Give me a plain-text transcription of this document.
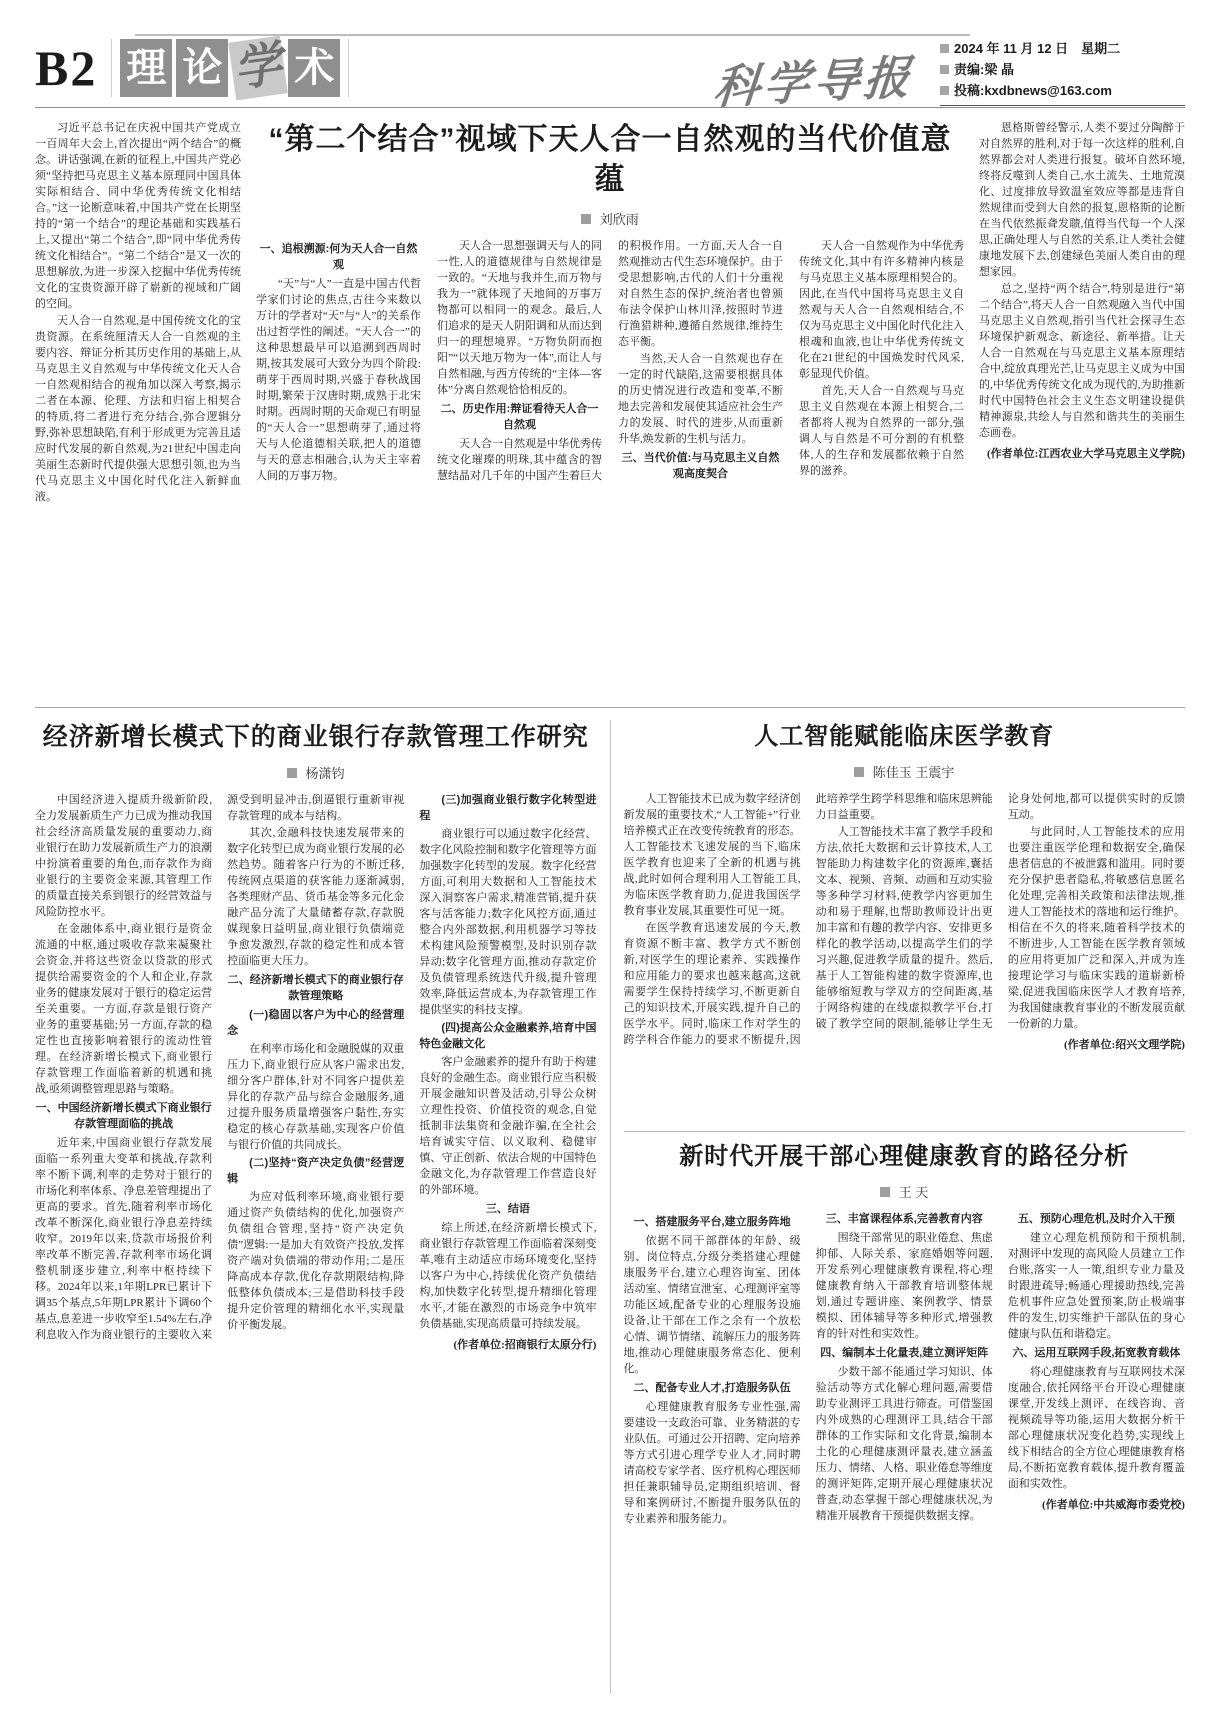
B2 理 论 学 术	科学导报
2024 年 11 月 12 日　星期二
责编:梁 晶
投稿:kxdbnews@163.com
习近平总书记在庆祝中国共产党成立一百周年大会上,首次提出“两个结合”的概念。讲话强调,在新的征程上,中国共产党必须“坚持把马克思主义基本原理同中国具体实际相结合、同中华优秀传统文化相结合。”这一论断意味着,中国共产党在长期坚持的“第一个结合”的理论基础和实践基石上,又提出“第二个结合”,即“同中华优秀传统文化相结合”。“第二个结合”是又一次的思想解放,为进一步深入挖掘中华优秀传统文化的宝贵资源开辟了崭新的视域和广阔的空间。
天人合一自然观,是中国传统文化的宝贵资源。在系统厘清天人合一自然观的主要内容、辩证分析其历史作用的基础上,从马克思主义自然观与中华传统文化天人合一自然观相结合的视角加以深入考察,揭示二者在本源、伦理、方法和归宿上相契合的特质,将二者进行充分结合,弥合逻辑分野,弥补思想缺陷,有利于形成更为完善且适应时代发展的新自然观,为21世纪中国走向美丽生态新时代提供强大思想引领,也为当代马克思主义中国化时代化注入新鲜血液。
“第二个结合”视域下天人合一自然观的当代价值意蕴
刘欣雨
一、追根溯源:何为天人合一自然观
“天”与“人”一直是中国古代哲学家们讨论的焦点,古往今来数以万计的学者对“天”与“人”的关系作出过哲学性的阐述。“天人合一”的这种思想最早可以追溯到西周时期,按其发展可大致分为四个阶段:萌芽于西周时期,兴盛于春秋战国时期,繁荣于汉唐时期,成熟于北宋时期。西周时期的天命观已有明显的“天人合一”思想萌芽了,通过将天与人伦道德相关联,把人的道德与天的意志相融合,认为天主宰着人间的万事万物。
天人合一思想强调天与人的同一性,人的道德规律与自然规律是一致的。“天地与我并生,而万物与我为一”就体现了天地间的万事万物都可以相同一的观念。最后,人们追求的是天人阴阳调和从而达到归一的理想境界。“万物负阴而抱阳”“以天地万物为一体”,而让人与自然相融,与西方传统的“主体—客体”分离自然观恰恰相反的。
二、历史作用:辩证看待天人合一自然观
天人合一自然观是中华优秀传统文化璀璨的明珠,其中蕴含的智慧结晶对几千年的中国产生着巨大的积极作用。一方面,天人合一自然观推动古代生态环境保护。由于受思想影响,古代的人们十分重视对自然生态的保护,统治者也曾颁布法令保护山林川泽,按照时节进行渔猎耕种,遵循自然规律,维持生态平衡。
当然,天人合一自然观也存在一定的时代缺陷,这需要根据具体的历史情况进行改造和变革,不断地去完善和发展使其适应社会生产力的发展、时代的进步,从而重新升华,焕发新的生机与活力。
三、当代价值:与马克思主义自然观高度契合
天人合一自然观作为中华优秀传统文化,其中有许多精神内核是与马克思主义基本原理相契合的。因此,在当代中国将马克思主义自然观与天人合一自然观相结合,不仅为马克思主义中国化时代化注入根魂和血液,也让中华优秀传统文化在21世纪的中国焕发时代风采,彰显现代价值。
首先,天人合一自然观与马克思主义自然观在本源上相契合,二者都将人视为自然界的一部分,强调人与自然是不可分割的有机整体,人的生存和发展都依赖于自然界的滋养。
恩格斯曾经警示,人类不要过分陶醉于对自然界的胜利,对于每一次这样的胜利,自然界都会对人类进行报复。破坏自然环境,终将反噬到人类自己,水土流失、土地荒漠化、过度排放导致温室效应等都是违背自然规律而受到大自然的报复,恩格斯的论断在当代依然振聋发聩,值得当代每一个人深思,正确处理人与自然的关系,让人类社会健康地发展下去,创建绿色美丽人类自由的理想家园。
总之,坚持“两个结合”,特别是进行“第二个结合”,将天人合一自然观融入当代中国马克思主义自然观,指引当代社会探寻生态环境保护新观念、新途径、新举措。让天人合一自然观在与马克思主义基本原理结合中,绽放真理光芒,让马克思主义成为中国的,中华优秀传统文化成为现代的,为助推新时代中国特色社会主义生态文明建设提供精神源泉,共绘人与自然和谐共生的美丽生态画卷。
(作者单位:江西农业大学马克思主义学院)
经济新增长模式下的商业银行存款管理工作研究
杨潇钧
中国经济进入提质升级新阶段,全力发展新质生产力已成为推动我国社会经济高质量发展的重要动力,商业银行在助力发展新质生产力的浪潮中扮演着重要的角色,而存款作为商业银行的主要资金来源,其管理工作的质量直接关系到银行的经营效益与风险防控水平。
在金融体系中,商业银行是资金流通的中枢,通过吸收存款来凝聚社会资金,并将这些资金以贷款的形式提供给需要资金的个人和企业,存款业务的健康发展对于银行的稳定运营至关重要。一方面,存款是银行资产业务的重要基础;另一方面,存款的稳定性也直接影响着银行的流动性管理。在经济新增长模式下,商业银行存款管理工作面临着新的机遇和挑战,亟须调整管理思路与策略。
一、中国经济新增长模式下商业银行存款管理面临的挑战
近年来,中国商业银行存款发展面临一系列重大变革和挑战,存款利率不断下调,利率的走势对于银行的市场化利率体系、净息差管理提出了更高的要求。首先,随着利率市场化改革不断深化,商业银行净息差持续收窄。2019年以来,贷款市场报价利率改革不断完善,存款利率市场化调整机制逐步建立,利率中枢持续下移。2024年以来,1年期LPR已累计下调35个基点,5年期LPR累计下调60个基点,息差进一步收窄至1.54%左右,净利息收入作为商业银行的主要收入来源受到明显冲击,倒逼银行重新审视存款管理的成本与结构。
其次,金融科技快速发展带来的数字化转型已成为商业银行发展的必然趋势。随着客户行为的不断迁移,传统网点渠道的获客能力逐渐减弱,各类理财产品、货币基金等多元化金融产品分流了大量储蓄存款,存款脱媒现象日益明显,商业银行负债端竞争愈发激烈,存款的稳定性和成本管控面临更大压力。
二、经济新增长模式下的商业银行存款管理策略
(一)稳固以客户为中心的经营理念
在利率市场化和金融脱媒的双重压力下,商业银行应从客户需求出发,细分客户群体,针对不同客户提供差异化的存款产品与综合金融服务,通过提升服务质量增强客户黏性,夯实稳定的核心存款基础,实现客户价值与银行价值的共同成长。
(二)坚持“资产决定负债”经营逻辑
为应对低利率环境,商业银行要通过资产负债结构的优化,加强资产负债组合管理,坚持“资产决定负债”逻辑:一是加大有效资产投放,发挥资产端对负债端的带动作用;二是压降高成本存款,优化存款期限结构,降低整体负债成本;三是借助科技手段提升定价管理的精细化水平,实现量价平衡发展。
(三)加强商业银行数字化转型进程
商业银行可以通过数字化经营、数字化风险控制和数字化管理等方面加强数字化转型的发展。数字化经营方面,可利用大数据和人工智能技术深入洞察客户需求,精准营销,提升获客与活客能力;数字化风控方面,通过整合内外部数据,利用机器学习等技术构建风险预警模型,及时识别存款异动;数字化管理方面,推动存款定价及负债管理系统迭代升级,提升管理效率,降低运营成本,为存款管理工作提供坚实的科技支撑。
(四)提高公众金融素养,培育中国特色金融文化
客户金融素养的提升有助于构建良好的金融生态。商业银行应当积极开展金融知识普及活动,引导公众树立理性投资、价值投资的观念,自觉抵制非法集资和金融诈骗,在全社会培育诚实守信、以义取利、稳健审慎、守正创新、依法合规的中国特色金融文化,为存款管理工作营造良好的外部环境。
三、结语
综上所述,在经济新增长模式下,商业银行存款管理工作面临着深刻变革,唯有主动适应市场环境变化,坚持以客户为中心,持续优化资产负债结构,加快数字化转型,提升精细化管理水平,才能在激烈的市场竞争中筑牢负债基础,实现高质量可持续发展。
(作者单位:招商银行太原分行)
人工智能赋能临床医学教育
陈佳玉 王震宇
人工智能技术已成为数字经济创新发展的重要技术,“人工智能+”行业培养模式正在改变传统教育的形态。人工智能技术飞速发展的当下,临床医学教育也迎来了全新的机遇与挑战,此时如何合理利用人工智能工具,为临床医学教育助力,促进我国医学教育事业发展,其重要性可见一斑。
在医学教育迅速发展的今天,教育资源不断丰富、教学方式不断创新,对医学生的理论素养、实践操作和应用能力的要求也越来越高,这就需要学生保持持续学习,不断更新自己的知识技术,开展实践,提升自己的医学水平。同时,临床工作对学生的跨学科合作能力的要求不断提升,因此培养学生跨学科思维和临床思辨能力日益重要。
人工智能技术丰富了教学手段和方法,依托大数据和云计算技术,人工智能助力构建数字化的资源库,囊括文本、视频、音频、动画和互动实验等多种学习材料,使教学内容更加生动和易于理解,也帮助教师设计出更加丰富和有趣的教学内容、安排更多样化的教学活动,以提高学生们的学习兴趣,促进教学质量的提升。然后,基于人工智能构建的数字资源库,也能够缩短教与学双方的空间距离,基于网络构建的在线虚拟教学平台,打破了教学空间的限制,能够让学生无论身处何地,都可以提供实时的反馈互动。
与此同时,人工智能技术的应用也要注重医学伦理和数据安全,确保患者信息的不被泄露和滥用。同时要充分保护患者隐私,将敏感信息匿名化处理,完善相关政策和法律法规,推进人工智能技术的落地和运行维护。相信在不久的将来,随着科学技术的不断进步,人工智能在医学教育领域的应用将更加广泛和深入,并成为连接理论学习与临床实践的道崭新桥梁,促进我国临床医学人才教育培养,为我国健康教育事业的不断发展贡献一份新的力量。
(作者单位:绍兴文理学院)
新时代开展干部心理健康教育的路径分析
王 天
一、搭建服务平台,建立服务阵地
依据不同干部群体的年龄、级别、岗位特点,分级分类搭建心理健康服务平台,建立心理咨询室、团体活动室、情绪宣泄室、心理测评室等功能区域,配备专业的心理服务设施设备,让干部在工作之余有一个放松心情、调节情绪、疏解压力的服务阵地,推动心理健康服务常态化、便利化。
二、配备专业人才,打造服务队伍
心理健康教育服务专业性强,需要建设一支政治可靠、业务精湛的专业队伍。可通过公开招聘、定向培养等方式引进心理学专业人才,同时聘请高校专家学者、医疗机构心理医师担任兼职辅导员,定期组织培训、督导和案例研讨,不断提升服务队伍的专业素养和服务能力。
三、丰富课程体系,完善教育内容
围绕干部常见的职业倦怠、焦虑抑郁、人际关系、家庭婚姻等问题,开发系列心理健康教育课程,将心理健康教育纳入干部教育培训整体规划,通过专题讲座、案例教学、情景模拟、团体辅导等多种形式,增强教育的针对性和实效性。
四、编制本土化量表,建立测评矩阵
少数干部不能通过学习知识、体验活动等方式化解心理问题,需要借助专业测评工具进行筛查。可借鉴国内外成熟的心理测评工具,结合干部群体的工作实际和文化背景,编制本土化的心理健康测评量表,建立涵盖压力、情绪、人格、职业倦怠等维度的测评矩阵,定期开展心理健康状况普查,动态掌握干部心理健康状况,为精准开展教育干预提供数据支撑。
五、预防心理危机,及时介入干预
建立心理危机预防和干预机制,对测评中发现的高风险人员建立工作台账,落实一人一策,组织专业力量及时跟进疏导;畅通心理援助热线,完善危机事件应急处置预案,防止极端事件的发生,切实维护干部队伍的身心健康与队伍和谐稳定。
六、运用互联网手段,拓宽教育载体
将心理健康教育与互联网技术深度融合,依托网络平台开设心理健康课堂,开发线上测评、在线咨询、音视频疏导等功能,运用大数据分析干部心理健康状况变化趋势,实现线上线下相结合的全方位心理健康教育格局,不断拓宽教育载体,提升教育覆盖面和实效性。
(作者单位:中共威海市委党校)
